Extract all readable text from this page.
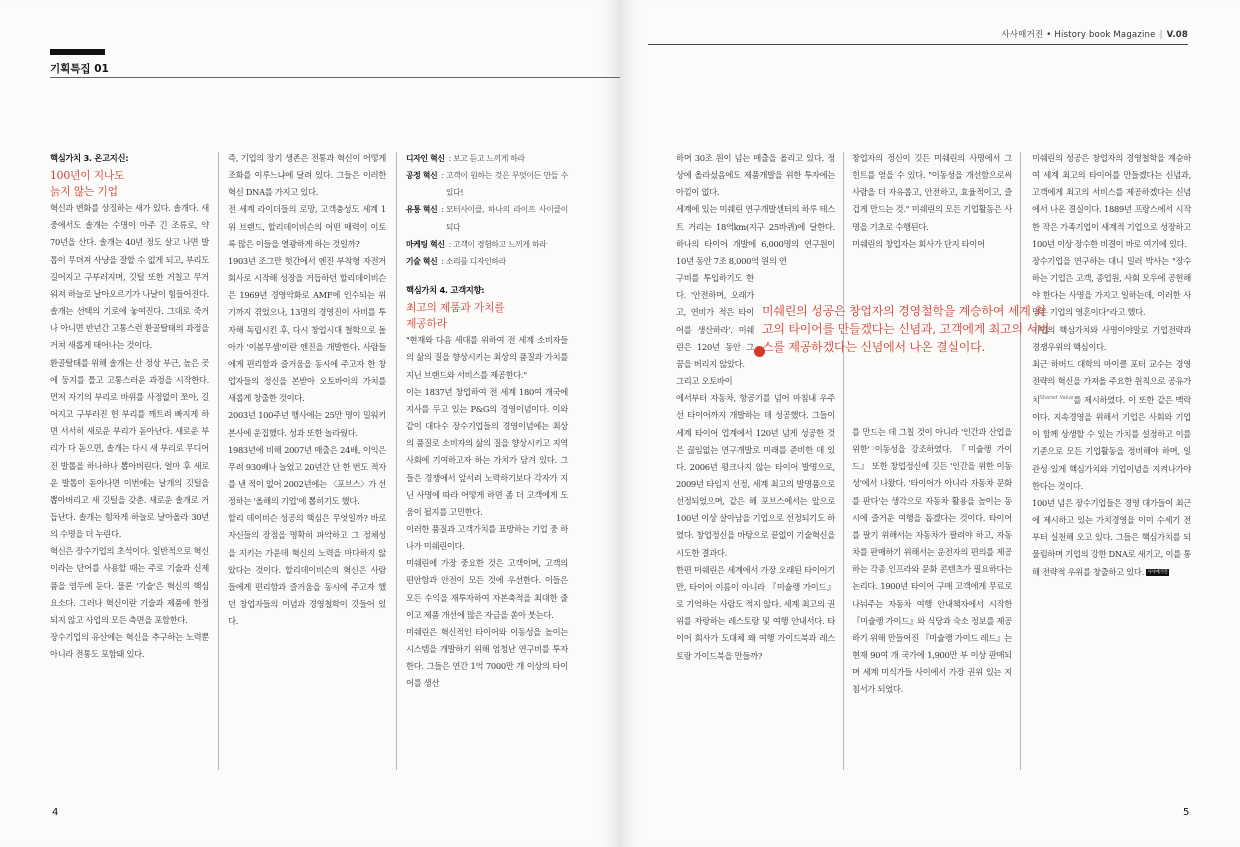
기획특집 01
핵심가치 3. 온고지신:
100년이 지나도
늙지 않는 기업
혁신과 변화를 상징하는 새가 있다. 솔개다. 새 중에서도 솔개는 수명이 아주 긴 조류로, 약 70년을 산다. 솔개는 40년 정도 살고 나면 발톱이 무뎌져 사냥을 잘할 수 없게 되고, 부리도 길어지고 구부러지며, 깃털 또한 거칠고 무거워져 하늘로 날아오르기가 나날이 힘들어진다. 솔개는 선택의 기로에 놓여진다. 그대로 죽거나 아니면 반년간 고통스런 환골탈태의 과정을 거쳐 새롭게 태어나는 것이다.
환골탈태를 위해 솔개는 산 정상 부근, 높은 곳에 둥지를 틀고 고통스러운 과정을 시작한다. 먼저 자기의 부리로 바위를 사정없이 쪼아, 길어지고 구부러진 헌 부리를 깨트려 빠지게 하면 서서히 새로운 부리가 돋아난다. 새로운 부리가 다 돋으면, 솔개는 다시 새 부리로 무디어진 발톱을 하나하나 뽑아버린다. 얼마 후 새로운 발톱이 돋아나면 이번에는 날개의 깃털을 뽑아버리고 새 깃털을 갖춘. 새로운 솔개로 거듭난다. 솔개는 힘차게 하늘로 날아올라 30년의 수명을 더 누린다.
혁신은 장수기업의 초석이다. 일반적으로 혁신이라는 단어를 사용할 때는 주로 기술과 신제품을 염두에 둔다. 물론 '기술'은 혁신의 핵심요소다. 그러나 혁신이란 기술과 제품에 한정되지 않고 사업의 모든 측면을 포함한다.
장수기업의 유산에는 혁신을 추구하는 노력뿐 아니라 전통도 포함돼 있다.
즉, 기업의 장기 생존은 전통과 혁신이 어떻게 조화를 이루느냐에 달려 있다. 그들은 이러한 혁신 DNA를 가지고 있다.
전 세계 라이더들의 로망, 고객충성도 세계 1위 브랜드, 할리데이비슨의 어떤 매력이 이토록 많은 이들을 열광하게 하는 것일까?
1903년 조그만 헛간에서 엔진 부착형 자전거 회사로 시작해 성장을 거듭하던 할리데이비슨은 1969년 경영악화로 AMF에 인수되는 위기까지 겪었으나, 13명의 경영진이 사비를 투자해 독립시킨 후, 다시 창업시대 철학으로 돌아가 '이봄무셈'이란 엔진을 개발한다. 사람들에게 편리함과 즐거움을 동시에 주고자 한 창업자들의 정신을 본받아 오토바이의 가치를 새롭게 창출한 것이다.
2003년 100주년 행사에는 25만 명이 밀워키 본사에 운집했다. 성과 또한 놀라웠다.
1983년에 비해 2007년 매출은 24배, 이익은 무려 930배나 늘었고 20년간 단 한 번도 적자를 낸 적이 없어 2002년에는 〈포브스〉가 선정하는 '올해의 기업'에 뽑히기도 했다.
할리 데이비슨 성공의 핵심은 무엇일까? 바로 자신들의 장점을 명확히 파악하고 그 정체성을 지키는 가운데 혁신의 노력을 마다하지 않았다는 것이다. 할리데이비슨의 혁신은 사람들에게 편리함과 즐거움을 동시에 주고자 했던 창업자들의 이념과 경영철학이 깃들어 있다.
디자인 혁신 : 보고 듣고 느끼게 하라
공정 혁신 : 고객이 원하는 것은 무엇이든 만들 수 있다!
유통 혁신 : 모터사이클, 하나의 라이프 사이클이 되다
마케팅 혁신 : 고객이 경험하고 느끼게 하라
기술 혁신 : 소리를 디자인하라
핵심가치 4. 고객지향:
최고의 제품과 가치를
제공하라
"현재와 다음 세대를 위하여 전 세계 소비자들의 삶의 질을 향상시키는 최상의 품질과 가치를 지닌 브랜드와 서비스를 제공한다."
이는 1837년 창업하여 전 세계 180여 개국에 지사를 두고 있는 P&G의 경영이념이다. 이와 같이 대다수 장수기업들의 경영이념에는 최상의 품질로 소비자의 삶의 질을 향상시키고 지역사회에 기여하고자 하는 가치가 담겨 있다. 그들은 경쟁에서 앞서려 노력하기보다 각자가 지닌 사명에 따라 어떻게 하면 좀 더 고객에게 도움이 될지를 고민한다.
이러한 품질과 고객가치를 표방하는 기업 중 하나가 미쉐린이다.
미쉐린에 가장 중요한 것은 고객이며, 고객의 편안함과 안전이 모든 것에 우선한다. 이들은 모든 수익을 재투자하여 자본축적을 최대한 줄이고 제품 개선에 많은 자금을 쏟아 붓는다.
미쉐린은 혁신적인 타이어와 이동성을 높이는 시스템을 개발하기 위해 엄청난 연구비를 투자한다. 그들은 연간 1억 7000만 개 이상의 타이어를 생산
4
사사매거진 • History book Magazine | V.08
하며 30조 원이 넘는 매출을 올리고 있다. 정상에 올라섰음에도 제품개발을 위한 투자에는 아낌이 없다.
세계에 있는 미쉐린 연구개발센터의 하루 테스트 거리는 18억km(지구 25바퀴)에 달한다. 하나의 타이어 개발에 6,000명의 연구원이 10년 동안 7조 8,000억 원의 연
구비를 투입하기도 한다. '안전하며, 오래가고, 연비가 적은 타이어를 생산하라'. 미쉐린은 120년 동안 그 꿈을 버리지 않았다.
그리고 오토바이
에서부터 자동차, 항공기를 넘어 마침내 우주선 타이어까지 개발하는 데 성공했다. 그들이 세계 타이어 업계에서 120년 넘게 성공한 것은 끊임없는 연구개발로 미래를 준비한 데 있다. 2006년 평크나지 않는 타이어 발명으로, 2009년 타임지 선정, 세계 최고의 발명품으로 선정되었으며, 같은 해 포브스에서는 앞으로 100년 이상 살아남을 기업으로 선정되기도 하였다. 창업정신을 바탕으로 끝없이 기술혁신을 시도한 결과다.
한편 미쉐린은 세계에서 가장 오래된 타이어기만, 타이어 이름이 아니라 『미슐랭 가이드』로 기억하는 사람도 적지 않다. 세계 최고의 권위를 자랑하는 레스토랑 및 여행 안내서다. 타이어 회사가 도대체 왜 여행 가이드북과 레스토랑 가이드북을 만들까?
창업자의 정신이 깃든 미쉐린의 사명에서 그 힌트를 얻을 수 있다. "이동성을 개선함으로써 사람을 더 자유롭고, 안전하고, 효율적이고, 즐겁게 만드는 것." 미쉐린의 모든 기업활동은 사명을 기초로 수행된다.
미쉐린의 창업자는 회사가 단지 타이어
를 만드는 데 그칠 것이 아니라 '인간과 산업을 위한' 이동성을 강조하였다. 『미슐랭 가이드』 또한 창업정신에 깃든 '인간을 위한 이동성'에서 나왔다. '타이어가 아니라 자동차 문화를 판다'는 생각으로 자동차 활용을 높이는 동시에 즐거운 여행을 돕겠다는 것이다. 타이어를 팔기 위해서는 자동차가 팔려야 하고, 자동차를 판매하기 위해서는 운전자의 편의를 제공하는 각종 인프라와 문화 콘텐츠가 필요하다는 논리다. 1900년 타이어 구매 고객에게 무료로 나눠주는 자동차 여행 안내책자에서 시작한 『미슐랭 가이드』와 식당과 숙소 정보를 제공하기 위해 만들어진 『미슐랭 가이드 레드』는 현재 90여 개 국가에 1,900만 부 이상 판매되며 세계 미식가들 사이에서 가장 권위 있는 지침서가 되었다.
미쉐린의 성공은 창업자의 경영철학을 계승하여 세계 최고의 타이어를 만들겠다는 신념과, 고객에게 최고의 서비스를 제공하겠다는 신념에서 나온 결실이다. 1889년 프랑스에서 시작한 작은 가족기업이 세계적 기업으로 성장하고 100년 이상 장수한 비결이 바로 여기에 있다.
장수기업을 연구하는 대니 밀러 박사는 "장수하는 기업은 고객, 종업원, 사회 모두에 공헌해야 한다는 사명을 가지고 일하는데, 이러한 사명은 기업의 영혼이다"라고 했다.
기업의 핵심가치와 사명이야말로 기업전략과 경쟁우위의 핵심이다.
최근 하버드 대학의 마이클 포터 교수는 경영전략의 혁신을 가져올 주요한 원칙으로 공유가치$^{Shared Value}$를 제시하였다. 이 또한 같은 맥락이다. 지속경영을 위해서 기업은 사회와 기업이 함께 상생할 수 있는 가치를 설정하고 이를 기준으로 모든 기업활동을 정비해야 하며, 일관성 있게 핵심가치와 기업이념을 지켜나가야 한다는 것이다.
100년 넘은 장수기업들은 경영 대가들이 최근에 제시하고 있는 가치경영을 이미 수세기 전부터 실천해 오고 있다. 그들은 핵심가치를 되물림하며 기업의 강한 DNA로 새기고, 이를 통해 전략적 우위를 창출하고 있다. 사사매거진
미쉐린의 성공은 창업자의 경영철학을 계승하여 세계 최고의 타이어를 만들겠다는 신념과, 고객에게 최고의 서비스를 제공하겠다는 신념에서 나온 결실이다.
5
